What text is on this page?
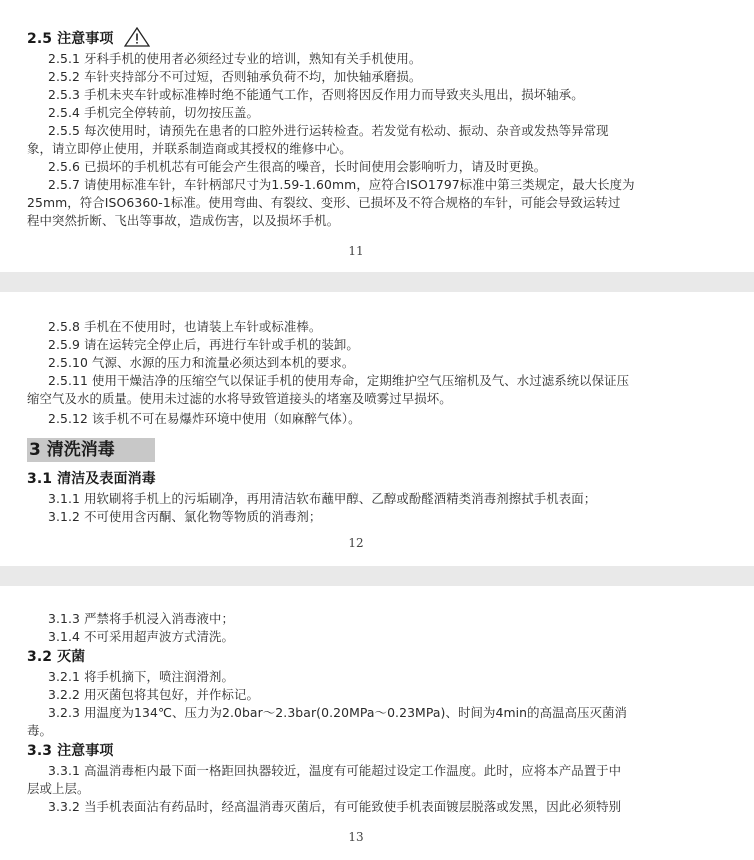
2.5 注意事项
2.5.1 牙科手机的使用者必须经过专业的培训，熟知有关手机使用。
2.5.2 车针夹持部分不可过短，否则轴承负荷不均，加快轴承磨损。
2.5.3 手机未夹车针或标准棒时绝不能通气工作，否则将因反作用力而导致夹头甩出，损坏轴承。
2.5.4 手机完全停转前，切勿按压盖。
2.5.5 每次使用时，请预先在患者的口腔外进行运转检查。若发觉有松动、振动、杂音或发热等异常现
象，请立即停止使用，并联系制造商或其授权的维修中心。
2.5.6 已损坏的手机机芯有可能会产生很高的噪音，长时间使用会影响听力，请及时更换。
2.5.7 请使用标准车针，车针柄部尺寸为1.59-1.60mm，应符合ISO1797标准中第三类规定，最大长度为
25mm，符合ISO6360-1标准。使用弯曲、有裂纹、变形、已损坏及不符合规格的车针，可能会导致运转过
程中突然折断、飞出等事故，造成伤害，以及损坏手机。
11
2.5.8 手机在不使用时，也请装上车针或标准棒。
2.5.9 请在运转完全停止后，再进行车针或手机的装卸。
2.5.10 气源、水源的压力和流量必须达到本机的要求。
2.5.11 使用干燥洁净的压缩空气以保证手机的使用寿命，定期维护空气压缩机及气、水过滤系统以保证压
缩空气及水的质量。使用未过滤的水将导致管道接头的堵塞及喷雾过早损坏。
2.5.12 该手机不可在易爆炸环境中使用（如麻醉气体）。
3 清洗消毒
3.1 清洁及表面消毒
3.1.1 用软刷将手机上的污垢刷净，再用清洁软布蘸甲醇、乙醇或酚醛酒精类消毒剂擦拭手机表面；
3.1.2 不可使用含丙酮、氯化物等物质的消毒剂；
12
3.1.3 严禁将手机浸入消毒液中；
3.1.4 不可采用超声波方式清洗。
3.2 灭菌
3.2.1 将手机摘下，喷注润滑剂。
3.2.2 用灭菌包将其包好，并作标记。
3.2.3 用温度为134℃、压力为2.0bar～2.3bar(0.20MPa～0.23MPa)、时间为4min的高温高压灭菌消
毒。
3.3 注意事项
3.3.1 高温消毒柜内最下面一格距回执器较近，温度有可能超过设定工作温度。此时，应将本产品置于中
层或上层。
3.3.2 当手机表面沾有药品时，经高温消毒灭菌后，有可能致使手机表面镀层脱落或发黑，因此必须特别
13
